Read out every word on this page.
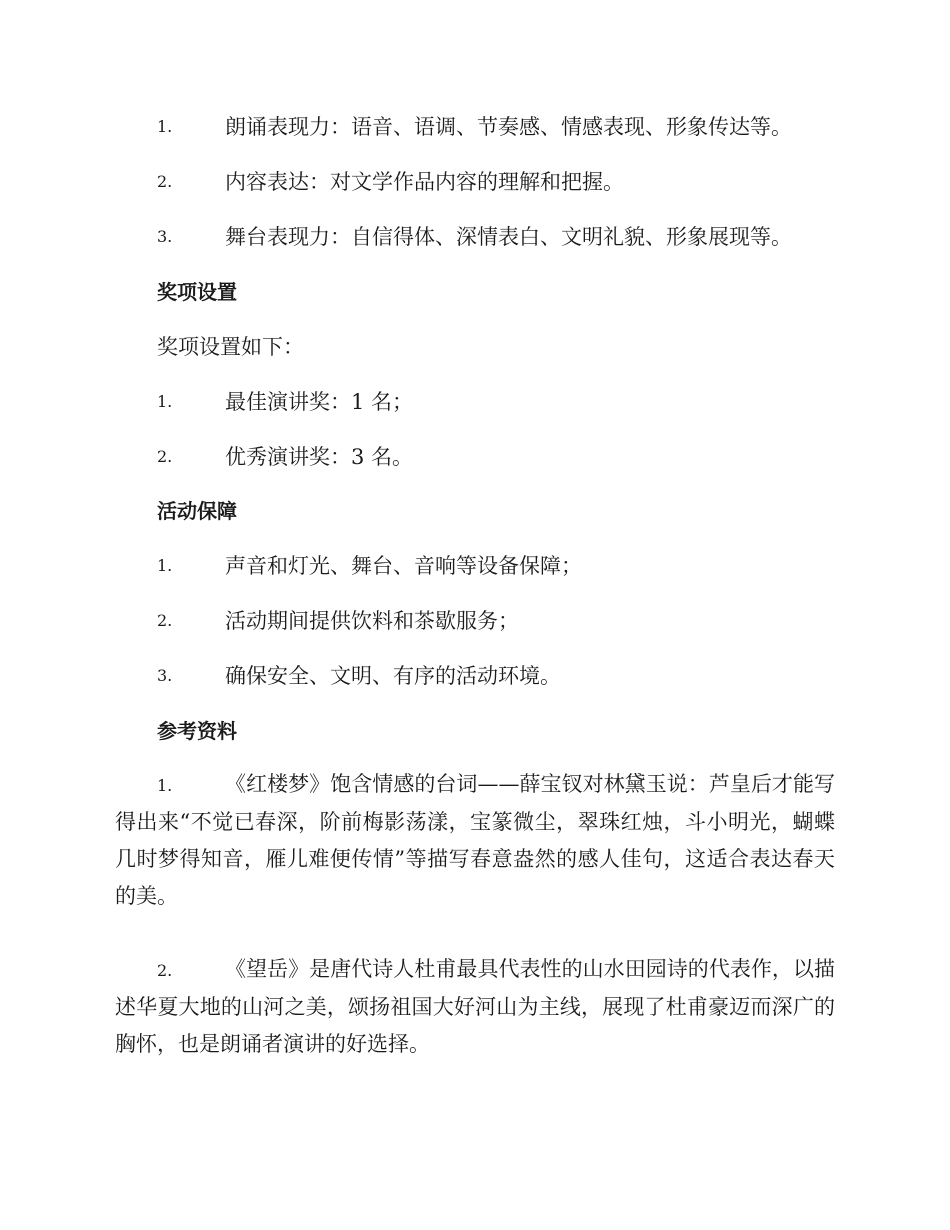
1.	朗诵表现力：语音、语调、节奏感、情感表现、形象传达等。
2.	内容表达：对文学作品内容的理解和把握。
3.	舞台表现力：自信得体、深情表白、文明礼貌、形象展现等。
奖项设置
奖项设置如下：
1.	最佳演讲奖：1 名；
2.	优秀演讲奖：3 名。
活动保障
1.	声音和灯光、舞台、音响等设备保障；
2.	活动期间提供饮料和茶歇服务；
3.	确保安全、文明、有序的活动环境。
参考资料
1.	《红楼梦》饱含情感的台词——薛宝钗对林黛玉说：芦皇后才能写得出来“不觉已春深，阶前梅影荡漾，宝篆微尘，翠珠红烛，斗小明光，蝴蝶几时梦得知音，雁儿难便传情”等描写春意盎然的感人佳句，这适合表达春天的美。
2.	《望岳》是唐代诗人杜甫最具代表性的山水田园诗的代表作，以描述华夏大地的山河之美，颂扬祖国大好河山为主线，展现了杜甫豪迈而深广的胸怀，也是朗诵者演讲的好选择。
